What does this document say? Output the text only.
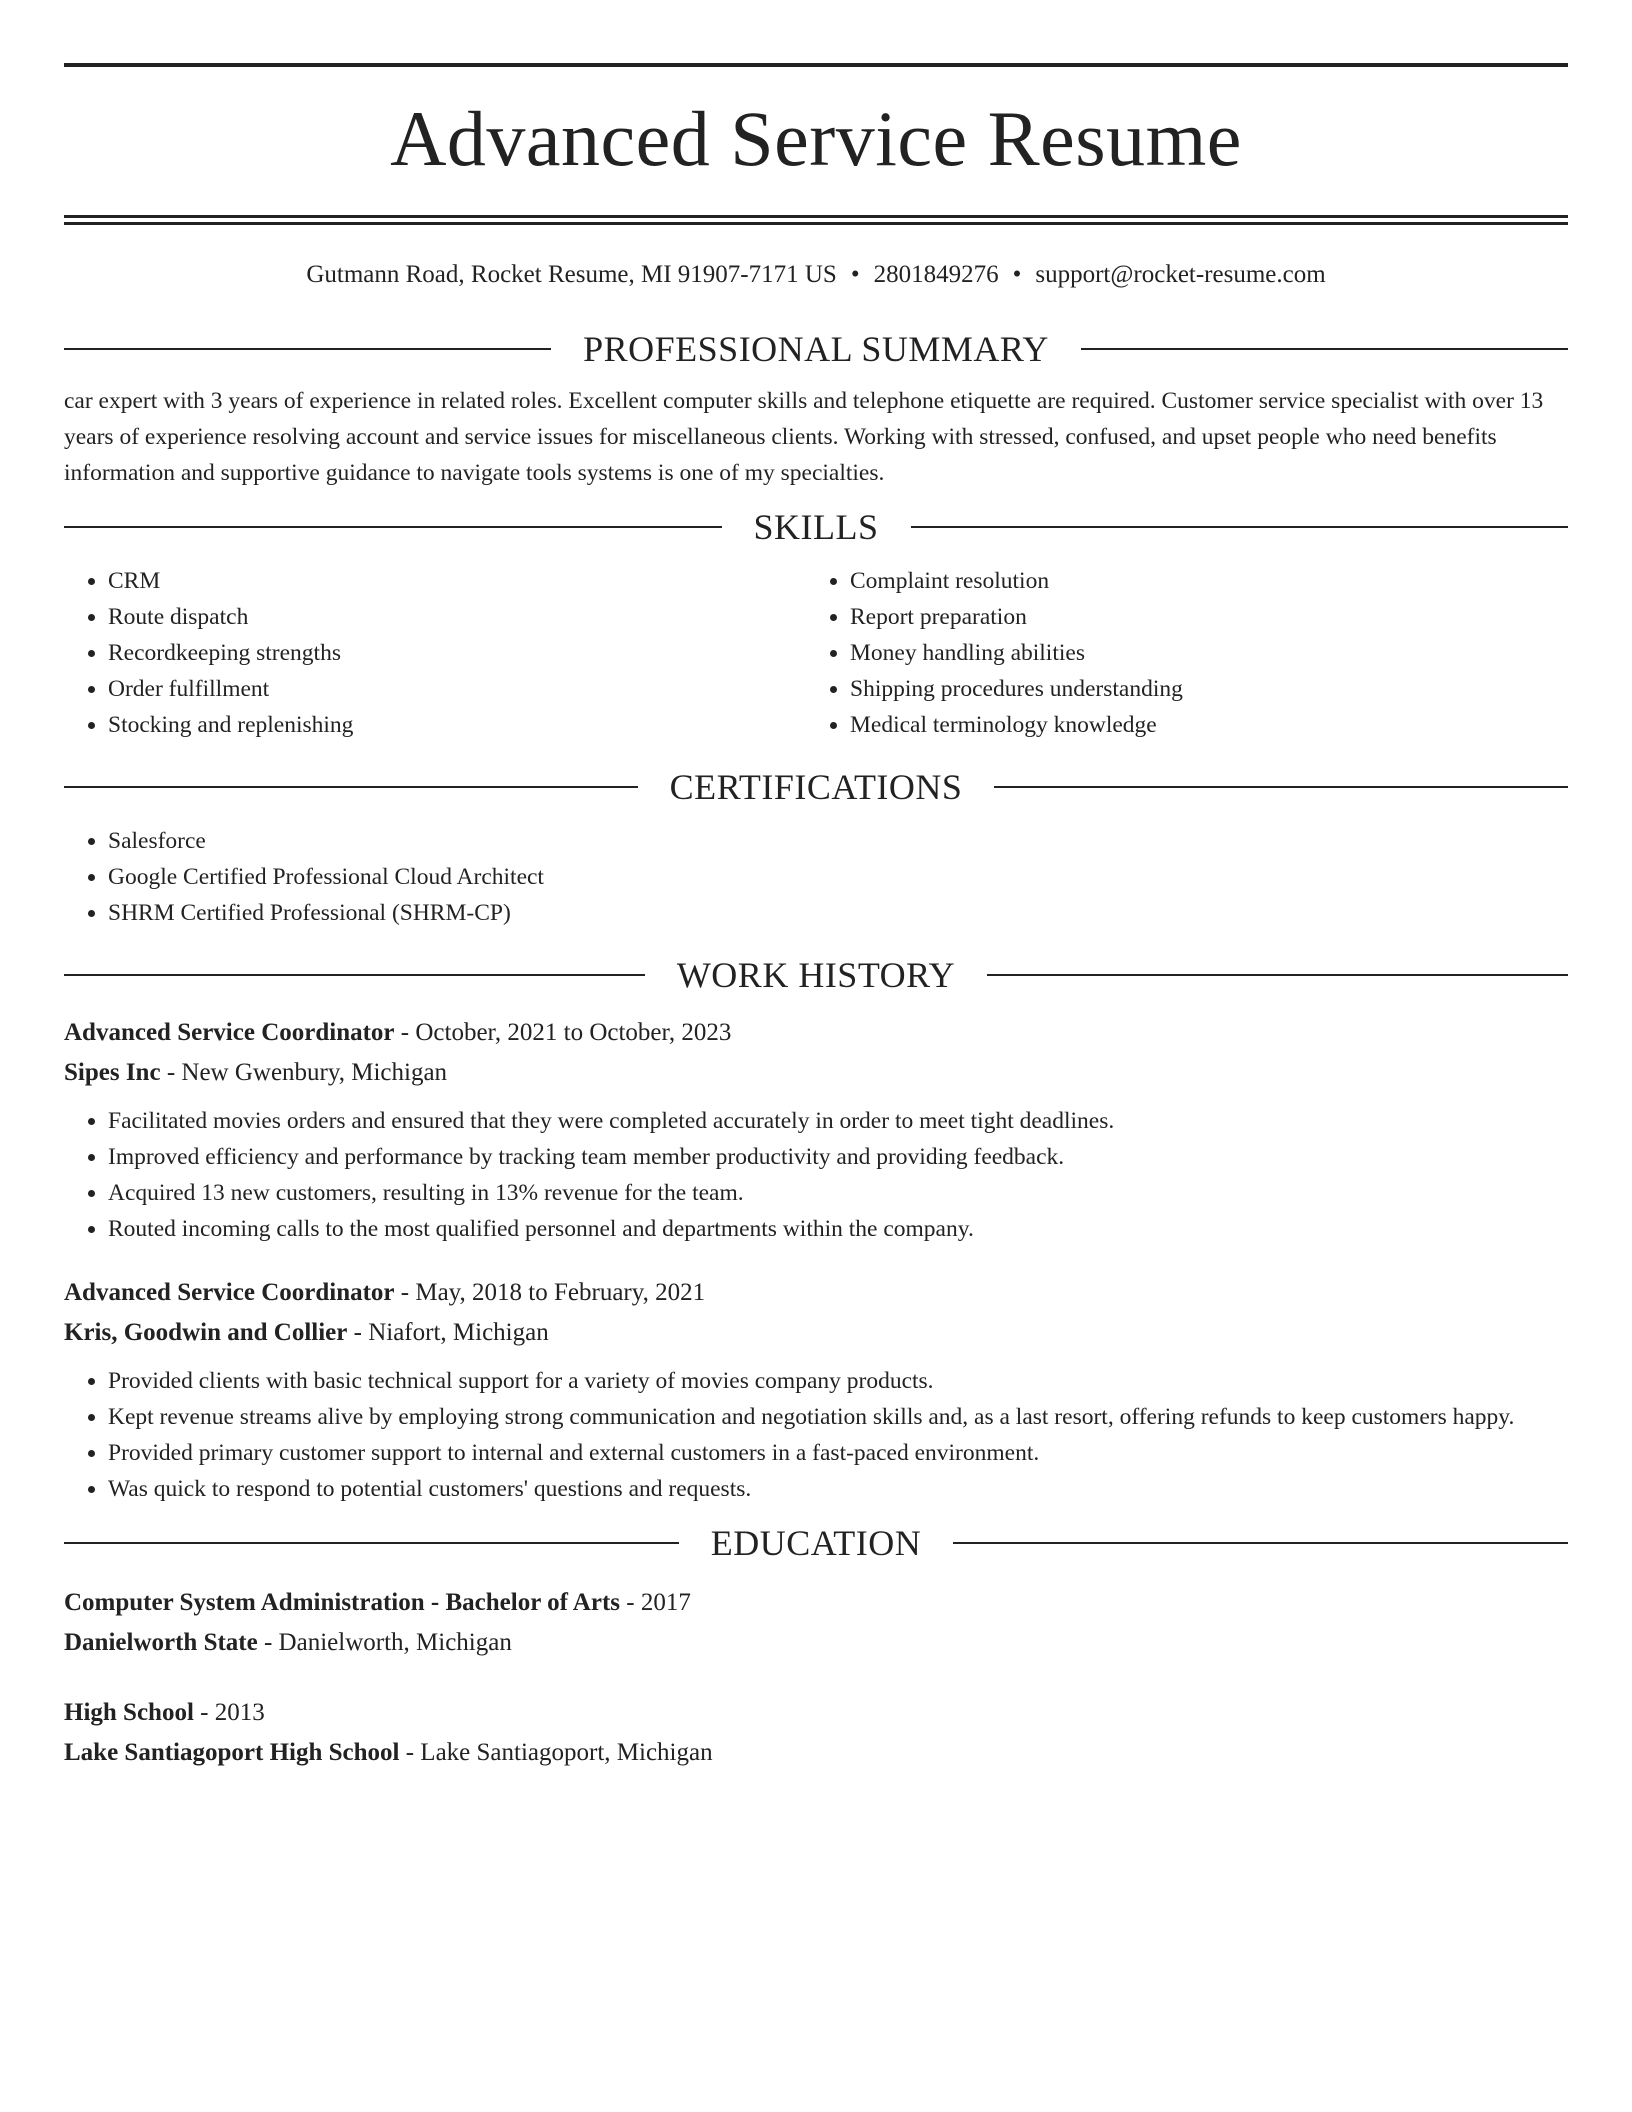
Advanced Service Resume
Gutmann Road, Rocket Resume, MI 91907-7171 US • 2801849276 • support@rocket-resume.com
PROFESSIONAL SUMMARY

car expert with 3 years of experience in related roles. Excellent computer skills and telephone etiquette are required. Customer service specialist with over 13 years of experience resolving account and service issues for miscellaneous clients. Working with stressed, confused, and upset people who need benefits information and supportive guidance to navigate tools systems is one of my specialties.

SKILLS
• CRM
• Route dispatch
• Recordkeeping strengths
• Order fulfillment
• Stocking and replenishing
• Complaint resolution
• Report preparation
• Money handling abilities
• Shipping procedures understanding
• Medical terminology knowledge
CERTIFICATIONS
• Salesforce
• Google Certified Professional Cloud Architect
• SHRM Certified Professional (SHRM-CP)
WORK HISTORY
Advanced Service Coordinator - October, 2021 to October, 2023
Sipes Inc - New Gwenbury, Michigan
• Facilitated movies orders and ensured that they were completed accurately in order to meet tight deadlines.
• Improved efficiency and performance by tracking team member productivity and providing feedback.
• Acquired 13 new customers, resulting in 13% revenue for the team.
• Routed incoming calls to the most qualified personnel and departments within the company.
Advanced Service Coordinator - May, 2018 to February, 2021
Kris, Goodwin and Collier - Niafort, Michigan
• Provided clients with basic technical support for a variety of movies company products.
• Kept revenue streams alive by employing strong communication and negotiation skills and, as a last resort, offering refunds to keep customers happy.
• Provided primary customer support to internal and external customers in a fast-paced environment.
• Was quick to respond to potential customers' questions and requests.
EDUCATION
Computer System Administration - Bachelor of Arts - 2017
Danielworth State - Danielworth, Michigan
High School - 2013
Lake Santiagoport High School - Lake Santiagoport, Michigan
